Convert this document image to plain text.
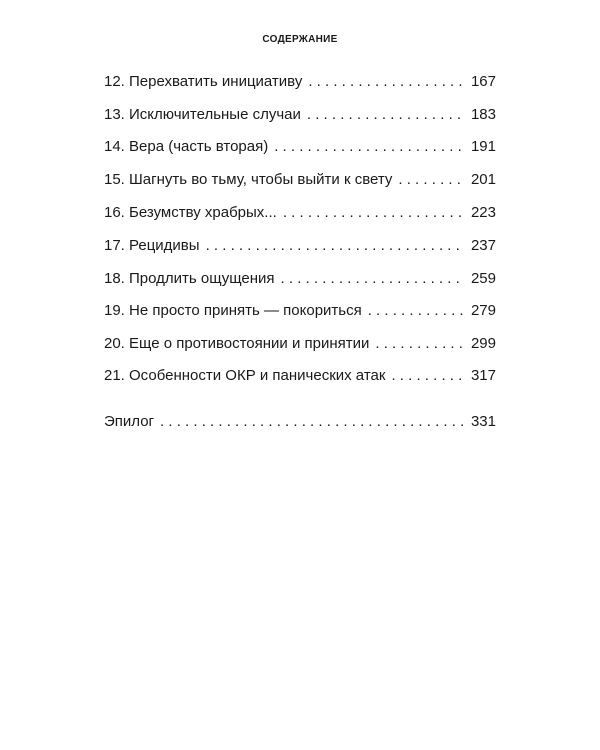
СОДЕРЖАНИЕ
12. Перехватить инициативу . . .	167
13. Исключительные случаи . . .	183
14. Вера (часть вторая) . . .	191
15. Шагнуть во тьму, чтобы выйти к свету . . .	201
16. Безумству храбрых... . . .	223
17. Рецидивы . . .	237
18. Продлить ощущения . . .	259
19. Не просто принять — покориться . . .	279
20. Еще о противостоянии и принятии . . .	299
21. Особенности ОКР и панических атак . . .	317
Эпилог . . .	331
